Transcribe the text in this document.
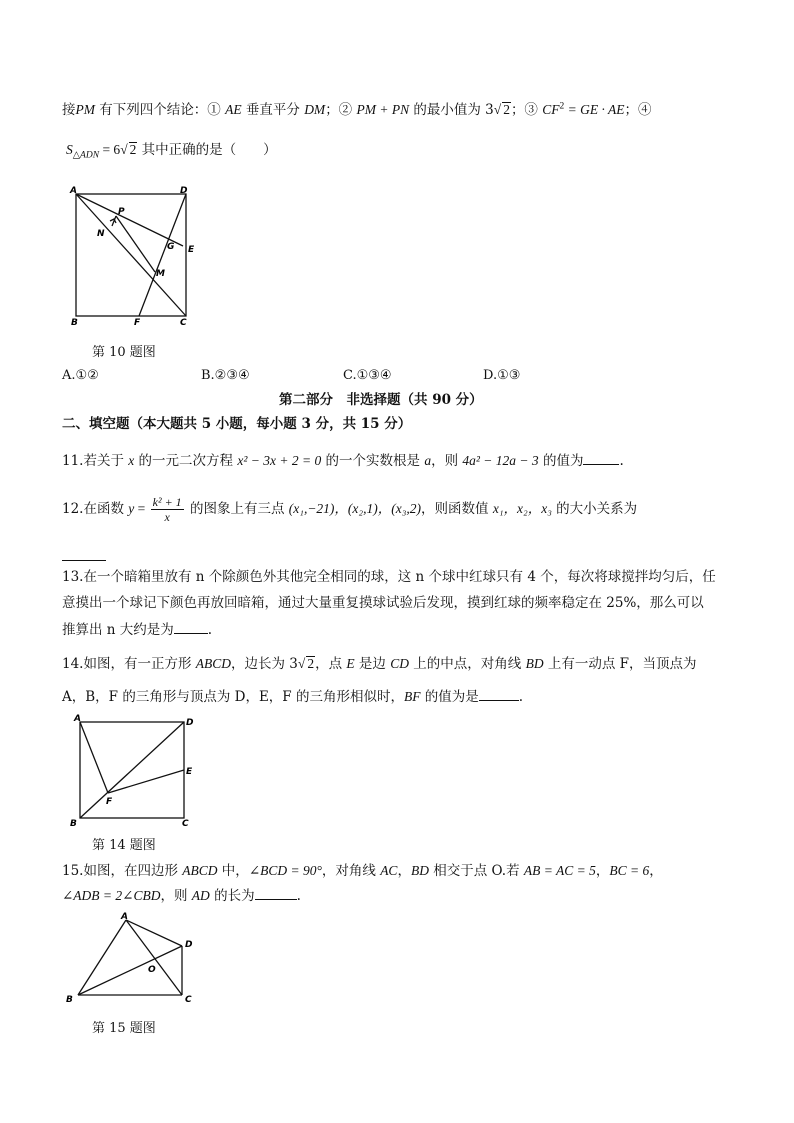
接PM 有下列四个结论：① AE 垂直平分 DM；② PM + PN 的最小值为 3√ 2；③ $CF^2$ = GE · AE；④
$S_{\triangle ADN} = 6√$ 2 其中正确的是（　　）
A	D
B	C
P
N
G E
M
F
第 10 题图
A.①②	B.②③④	C.①③④	D.①③
第二部分　非选择题（共 90 分）
二、填空题（本大题共 5 小题，每小题 3 分，共 15 分）
11.若关于 x 的一元二次方程 x² − 3x + 2 = 0 的一个实数根是 a，则 4a² − 12a − 3 的值为	.
12.在函数 $y = \frac{\text{k² + 1}}{x}$ 的图象上有三点 (x₁,−21)，(x₂,1)，(x₃,2)，则函数值 x₁，x₂，x₃ 的大小关系为
13.在一个暗箱里放有 n 个除颜色外其他完全相同的球，这 n 个球中红球只有 4 个，每次将球搅拌均匀后，任
意摸出一个球记下颜色再放回暗箱，通过大量重复摸球试验后发现，摸到红球的频率稳定在 25%，那么可以
推算出 n 大约是为	.
14.如图，有一正方形 ABCD，边长为 3√ 2，点 E 是边 CD 上的中点，对角线 BD 上有一动点 F，当顶点为
A，B，F 的三角形与顶点为 D，E，F 的三角形相似时，BF 的值为是	.
A	D
E
F
B	C
第 14 题图
15.如图，在四边形 ABCD 中，∠BCD = 90°，对角线 AC，BD 相交于点 O.若 AB = AC = 5，BC = 6，
∠ADB = 2∠CBD，则 AD 的长为	.
A
D
O
B	C
第 15 题图
